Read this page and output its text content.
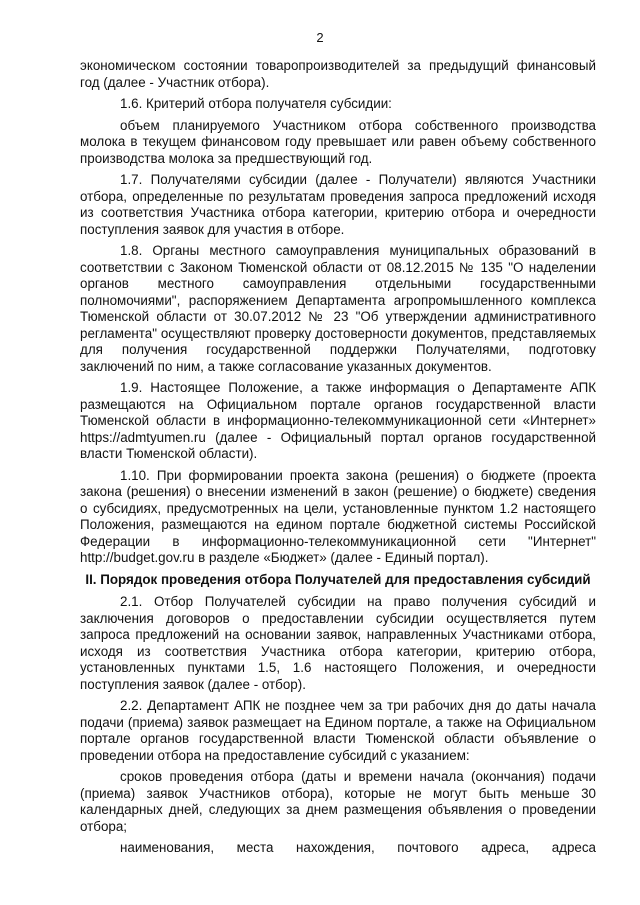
2

экономическом состоянии товаропроизводителей за предыдущий финансовый год (далее - Участник отбора).

1.6. Критерий отбора получателя субсидии:

объем планируемого Участником отбора собственного производства молока в текущем финансовом году превышает или равен объему собственного производства молока за предшествующий год.

1.7. Получателями субсидии (далее - Получатели) являются Участники отбора, определенные по результатам проведения запроса предложений исходя из соответствия Участника отбора категории, критерию отбора и очередности поступления заявок для участия в отборе.

1.8. Органы местного самоуправления муниципальных образований в соответствии с Законом Тюменской области от 08.12.2015 № 135 "О наделении органов местного самоуправления отдельными государственными полномочиями", распоряжением Департамента агропромышленного комплекса Тюменской области от 30.07.2012 № 23 "Об утверждении административного регламента" осуществляют проверку достоверности документов, представляемых для получения государственной поддержки Получателями, подготовку заключений по ним, а также согласование указанных документов.

1.9. Настоящее Положение, а также информация о Департаменте АПК размещаются на Официальном портале органов государственной власти Тюменской области в информационно-телекоммуникационной сети «Интернет» https://admtyumen.ru (далее - Официальный портал органов государственной власти Тюменской области).

1.10. При формировании проекта закона (решения) о бюджете (проекта закона (решения) о внесении изменений в закон (решение) о бюджете) сведения о субсидиях, предусмотренных на цели, установленные пунктом 1.2 настоящего Положения, размещаются на едином портале бюджетной системы Российской Федерации в информационно-телекоммуникационной сети "Интернет" http://budget.gov.ru в разделе «Бюджет» (далее - Единый портал).

II. Порядок проведения отбора Получателей для предоставления субсидий

2.1. Отбор Получателей субсидии на право получения субсидий и заключения договоров о предоставлении субсидии осуществляется путем запроса предложений на основании заявок, направленных Участниками отбора, исходя из соответствия Участника отбора категории, критерию отбора, установленных пунктами 1.5, 1.6 настоящего Положения, и очередности поступления заявок (далее - отбор).

2.2. Департамент АПК не позднее чем за три рабочих дня до даты начала подачи (приема) заявок размещает на Едином портале, а также на Официальном портале органов государственной власти Тюменской области объявление о проведении отбора на предоставление субсидий с указанием:

сроков проведения отбора (даты и времени начала (окончания) подачи (приема) заявок Участников отбора), которые не могут быть меньше 30 календарных дней, следующих за днем размещения объявления о проведении отбора;

наименования, места нахождения, почтового адреса, адреса
